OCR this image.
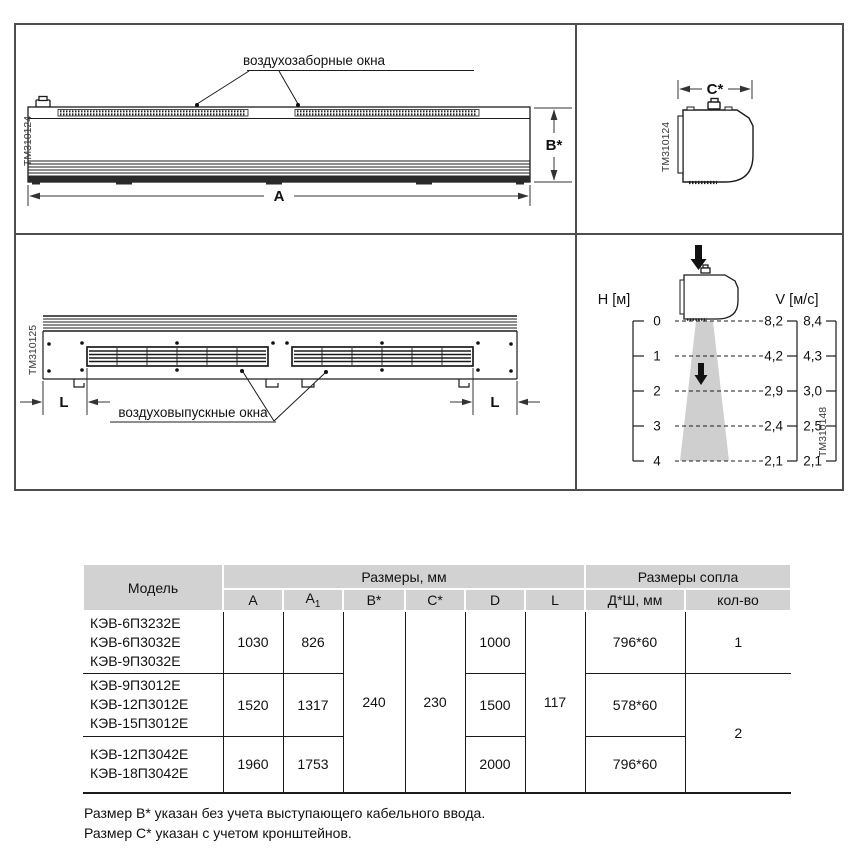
воздухозаборные окна
B*
A
TM310124
C*
TM310124
L	L
воздуховыпускные окна
TM310125
H [м]	V [м/с]
0
1
2
3
4
8,2
4,2
2,9
2,4
2,1
8,4
4,3
3,0
2,5
2,1
TM310148
Модель	Размеры, мм						Размеры сопла	
	A	$A_1$	B*	C*	D	L	Д*Ш, мм	кол-во

КЭВ-6П3232Е
КЭВ-6П3032Е
КЭВ-9П3032Е	1030	826	240	230	1000	117	796*60	1

КЭВ-9П3012Е
КЭВ-12П3012Е
КЭВ-15П3012Е	1520	1317			1500		578*60	2

КЭВ-12П3042Е
КЭВ-18П3042Е	1960	1753			2000		796*60	
Размер B* указан без учета выступающего кабельного ввода.
Размер C* указан с учетом кронштейнов.
